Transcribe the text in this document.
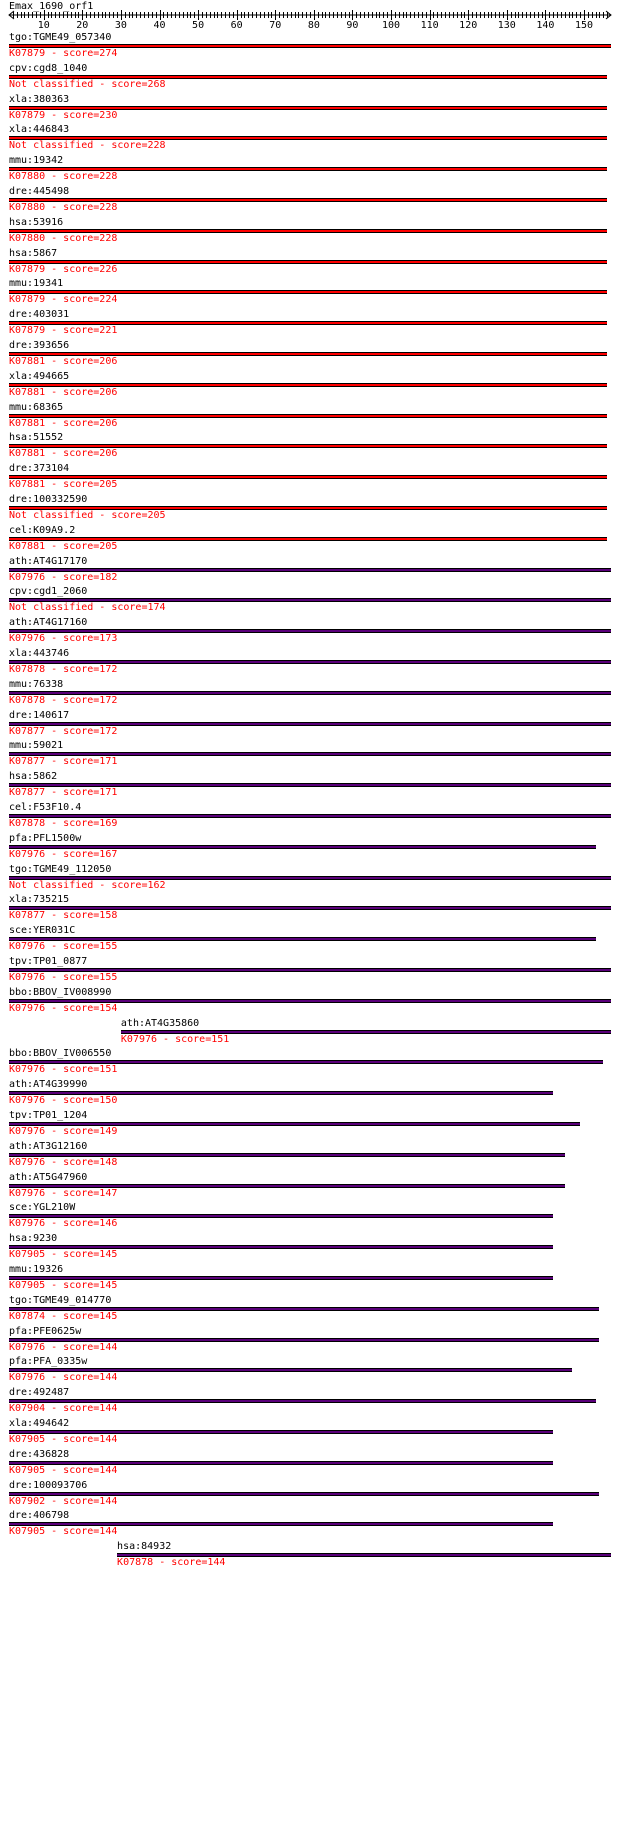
Emax_1690_orf1
10	20	30	40	50	60	70	80	90 100 110 120 130 140 150
tgo:TGME49_057340
K07879 - score=274
cpv:cgd8_1040
Not classified - score=268
xla:380363
K07879 - score=230
xla:446843
Not classified - score=228
mmu:19342
K07880 - score=228
dre:445498
K07880 - score=228
hsa:53916
K07880 - score=228
hsa:5867
K07879 - score=226
mmu:19341
K07879 - score=224
dre:403031
K07879 - score=221
dre:393656
K07881 - score=206
xla:494665
K07881 - score=206
mmu:68365
K07881 - score=206
hsa:51552
K07881 - score=206
dre:373104
K07881 - score=205
dre:100332590
Not classified - score=205
cel:K09A9.2
K07881 - score=205
ath:AT4G17170
K07976 - score=182
cpv:cgd1_2060
Not classified - score=174
ath:AT4G17160
K07976 - score=173
xla:443746
K07878 - score=172
mmu:76338
K07878 - score=172
dre:140617
K07877 - score=172
mmu:59021
K07877 - score=171
hsa:5862
K07877 - score=171
cel:F53F10.4
K07878 - score=169
pfa:PFL1500w
K07976 - score=167
tgo:TGME49_112050
Not classified - score=162
xla:735215
K07877 - score=158
sce:YER031C
K07976 - score=155
tpv:TP01_0877
K07976 - score=155
bbo:BBOV_IV008990
K07976 - score=154
ath:AT4G35860
K07976 - score=151
bbo:BBOV_IV006550
K07976 - score=151
ath:AT4G39990
K07976 - score=150
tpv:TP01_1204
K07976 - score=149
ath:AT3G12160
K07976 - score=148
ath:AT5G47960
K07976 - score=147
sce:YGL210W
K07976 - score=146
hsa:9230
K07905 - score=145
mmu:19326
K07905 - score=145
tgo:TGME49_014770
K07874 - score=145
pfa:PFE0625w
K07976 - score=144
pfa:PFA_0335w
K07976 - score=144
dre:492487
K07904 - score=144
xla:494642
K07905 - score=144
dre:436828
K07905 - score=144
dre:100093706
K07902 - score=144
dre:406798
K07905 - score=144
hsa:84932
K07878 - score=144
